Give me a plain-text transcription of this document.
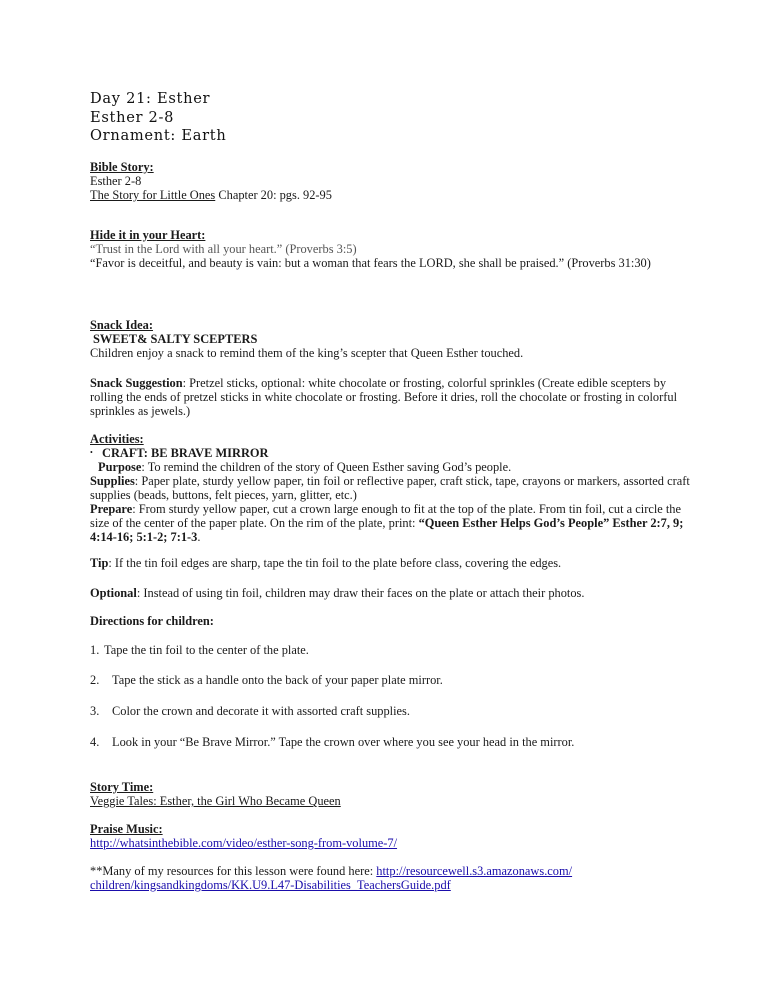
Day 21: Esther
Esther 2-8
Ornament: Earth
Bible Story:
Esther 2-8
The Story for Little Ones Chapter 20: pgs. 92-95
Hide it in your Heart:
“Trust in the Lord with all your heart.” (Proverbs 3:5)
“Favor is deceitful, and beauty is vain: but a woman that fears the LORD, she shall be praised.” (Proverbs 31:30)
Snack Idea:
SWEET& SALTY SCEPTERS
Children enjoy a snack to remind them of the king’s scepter that Queen Esther touched.
Snack Suggestion: Pretzel sticks, optional: white chocolate or frosting, colorful sprinkles (Create edible scepters by rolling the ends of pretzel sticks in white chocolate or frosting. Before it dries, roll the chocolate or frosting in colorful sprinkles as jewels.)
Activities:
• CRAFT: BE BRAVE MIRROR
Purpose: To remind the children of the story of Queen Esther saving God’s people.
Supplies: Paper plate, sturdy yellow paper, tin foil or reflective paper, craft stick, tape, crayons or markers, assorted craft supplies (beads, buttons, felt pieces, yarn, glitter, etc.)
Prepare: From sturdy yellow paper, cut a crown large enough to fit at the top of the plate. From tin foil, cut a circle the size of the center of the paper plate. On the rim of the plate, print: “Queen Esther Helps God’s People” Esther 2:7, 9; 4:14-16; 5:1-2; 7:1-3.
Tip: If the tin foil edges are sharp, tape the tin foil to the plate before class, covering the edges.
Optional: Instead of using tin foil, children may draw their faces on the plate or attach their photos.
Directions for children:
1. Tape the tin foil to the center of the plate.
2. Tape the stick as a handle onto the back of your paper plate mirror.
3. Color the crown and decorate it with assorted craft supplies.
4. Look in your “Be Brave Mirror.” Tape the crown over where you see your head in the mirror.
Story Time:
Veggie Tales: Esther, the Girl Who Became Queen
Praise Music:
http://whatsinthebible.com/video/esther-song-from-volume-7/
**Many of my resources for this lesson were found here: http://resourcewell.s3.amazonaws.com/
children/kingsandkingdoms/KK.U9.L47-Disabilities_TeachersGuide.pdf
